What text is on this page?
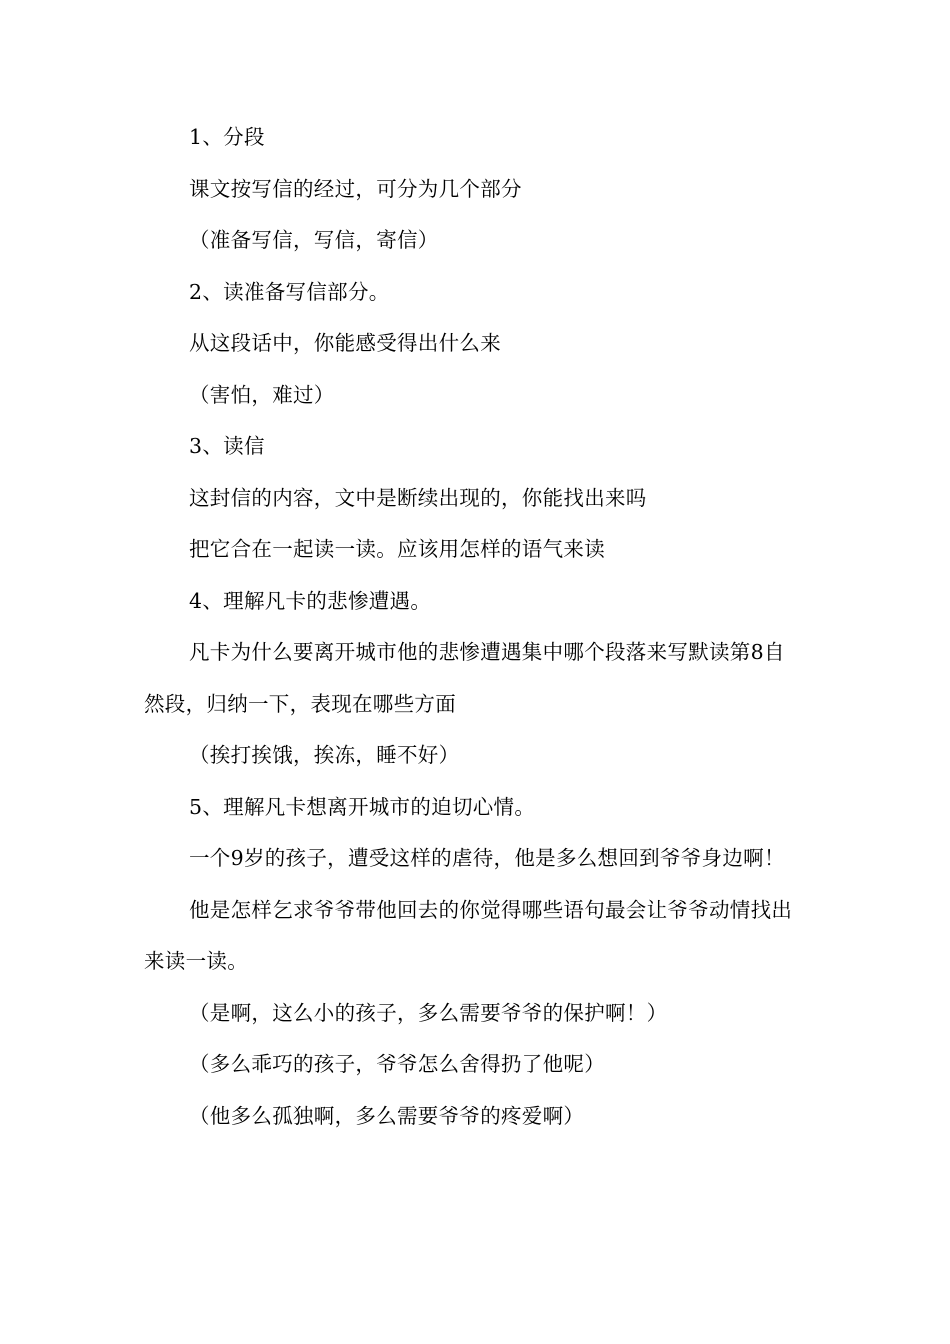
1、分段

课文按写信的经过，可分为几个部分

（准备写信，写信，寄信）

2、读准备写信部分。

从这段话中，你能感受得出什么来

（害怕，难过）

3、读信

这封信的内容，文中是断续出现的，你能找出来吗

把它合在一起读一读。应该用怎样的语气来读

4、理解凡卡的悲惨遭遇。

凡卡为什么要离开城市他的悲惨遭遇集中哪个段落来写默读第8自然段，归纳一下，表现在哪些方面

（挨打挨饿，挨冻，睡不好）

5、理解凡卡想离开城市的迫切心情。

一个9岁的孩子，遭受这样的虐待，他是多么想回到爷爷身边啊！

他是怎样乞求爷爷带他回去的你觉得哪些语句最会让爷爷动情找出来读一读。

（是啊，这么小的孩子，多么需要爷爷的保护啊！）

（多么乖巧的孩子，爷爷怎么舍得扔了他呢）

（他多么孤独啊，多么需要爷爷的疼爱啊）
